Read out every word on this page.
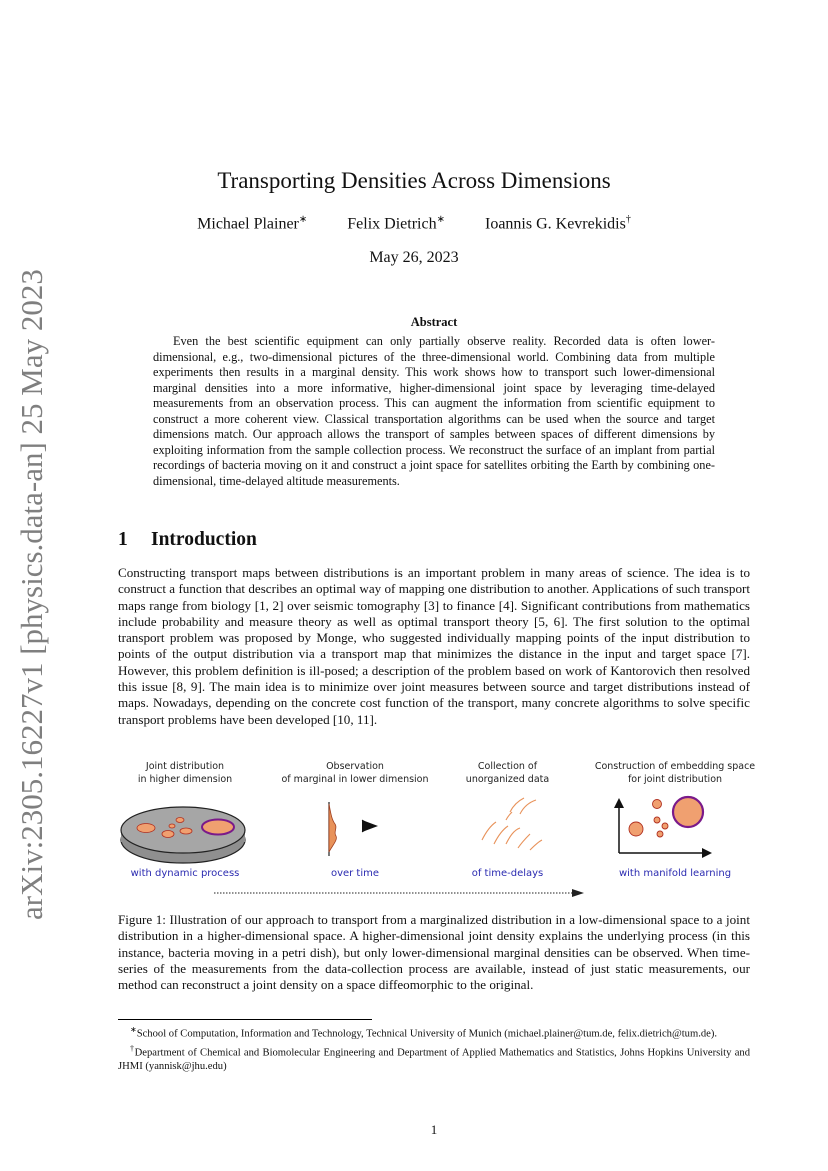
arXiv:2305.16227v1 [physics.data-an] 25 May 2023
Transporting Densities Across Dimensions
Michael Plainer∗	Felix Dietrich∗	Ioannis G. Kevrekidis†
May 26, 2023
Abstract
Even the best scientific equipment can only partially observe reality. Recorded data is often lower-dimensional, e.g., two-dimensional pictures of the three-dimensional world. Combining data from multiple experiments then results in a marginal density. This work shows how to transport such lower-dimensional marginal densities into a more informative, higher-dimensional joint space by leveraging time-delayed measurements from an observation process. This can augment the information from scientific equipment to construct a more coherent view. Classical transportation algorithms can be used when the source and target dimensions match. Our approach allows the transport of samples between spaces of different dimensions by exploiting information from the sample collection process. We reconstruct the surface of an implant from partial recordings of bacteria moving on it and construct a joint space for satellites orbiting the Earth by combining one-dimensional, time-delayed altitude measurements.
1 Introduction
Constructing transport maps between distributions is an important problem in many areas of science. The idea is to construct a function that describes an optimal way of mapping one distribution to another. Applications of such transport maps range from biology [1, 2] over seismic tomography [3] to finance [4]. Significant contributions from mathematics include probability and measure theory as well as optimal transport theory [5, 6]. The first solution to the optimal transport problem was proposed by Monge, who suggested individually mapping points of the input distribution to points of the output distribution via a transport map that minimizes the distance in the input and target space [7]. However, this problem definition is ill-posed; a description of the problem based on work of Kantorovich then resolved this issue [8, 9]. The main idea is to minimize over joint measures between source and target distributions instead of maps. Nowadays, depending on the concrete cost function of the transport, many concrete algorithms to solve specific transport problems have been developed [10, 11].
Joint distribution
in higher dimension
Observation
of marginal in lower dimension
Collection of
unorganized data
Construction of embedding space
for joint distribution
with dynamic process	over time	of time-delays	with manifold learning
Figure 1: Illustration of our approach to transport from a marginalized distribution in a low-dimensional space to a joint distribution in a higher-dimensional space. A higher-dimensional joint density explains the underlying process (in this instance, bacteria moving in a petri dish), but only lower-dimensional marginal densities can be observed. When time-series of the measurements from the data-collection process are available, instead of just static measurements, our method can reconstruct a joint density on a space diffeomorphic to the original.

∗School of Computation, Information and Technology, Technical University of Munich (michael.plainer@tum.de, felix.dietrich@tum.de).

†Department of Chemical and Biomolecular Engineering and Department of Applied Mathematics and Statistics, Johns Hopkins University and JHMI (yannisk@jhu.edu)

1
